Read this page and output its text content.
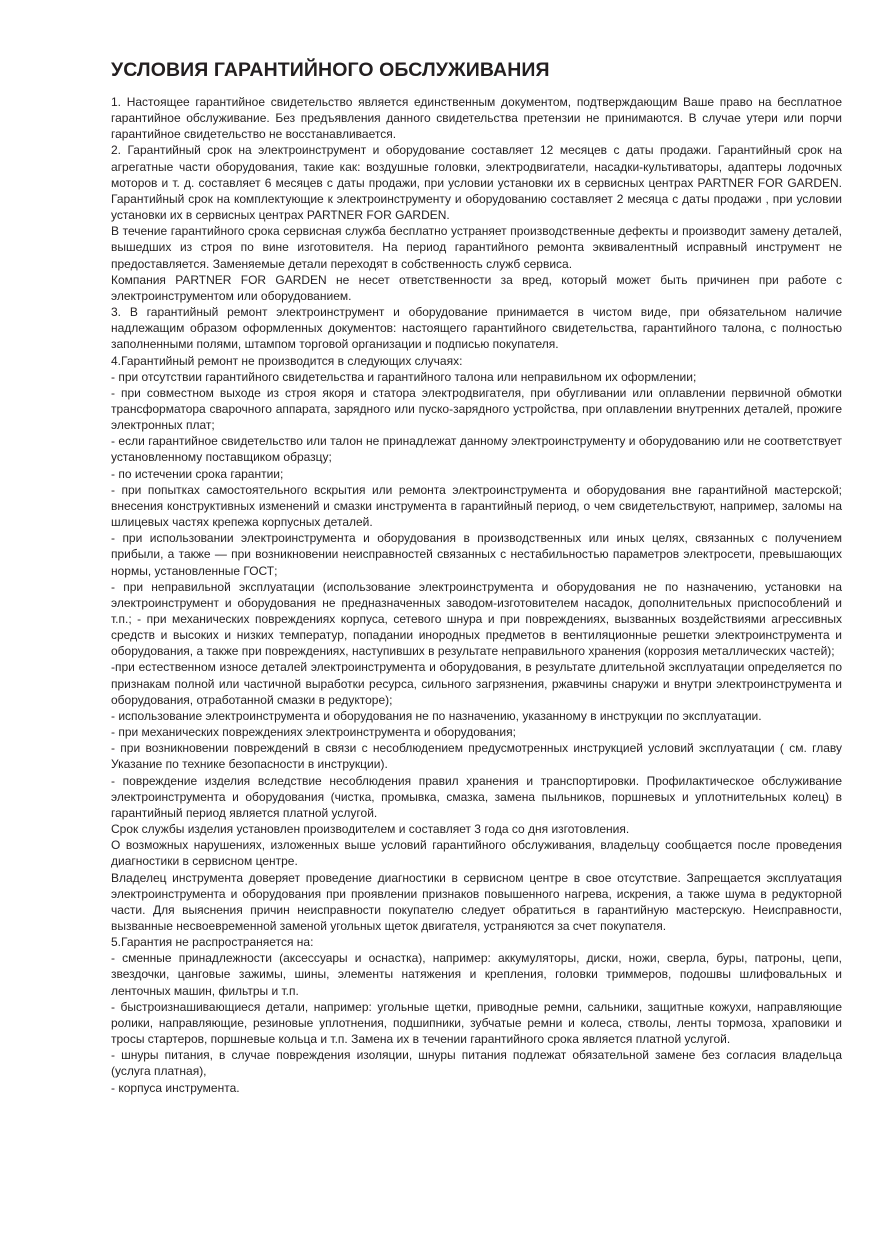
УСЛОВИЯ ГАРАНТИЙНОГО ОБСЛУЖИВАНИЯ

1. Настоящее гарантийное свидетельство является единственным документом, подтверждающим Ваше право на бесплатное гарантийное обслуживание. Без предъявления данного свидетельства претензии не принимаются. В случае утери или порчи гарантийное свидетельство не восстанавливается.

2. Гарантийный срок на электроинструмент и оборудование составляет 12 месяцев с даты продажи. Гарантийный срок на агрегатные части оборудования, такие как: воздушные головки, электродвигатели, насадки-культиваторы, адаптеры лодочных моторов и т. д. составляет 6 месяцев с даты продажи, при условии установки их в сервисных центрах PARTNER FOR GARDEN. Гарантийный срок на комплектующие к электроинструменту и оборудованию составляет 2 месяца с даты продажи , при условии установки их в сервисных центрах PARTNER FOR GARDEN.

В течение гарантийного срока сервисная служба бесплатно устраняет производственные дефекты и производит замену деталей, вышедших из строя по вине изготовителя. На период гарантийного ремонта эквивалентный исправный инструмент не предоставляется. Заменяемые детали переходят в собственность служб сервиса.

Компания PARTNER FOR GARDEN не несет ответственности за вред, который может быть причинен при работе с электроинструментом или оборудованием.

3. В гарантийный ремонт электроинструмент и оборудование принимается в чистом виде, при обязательном наличие надлежащим образом оформленных документов: настоящего гарантийного свидетельства, гарантийного талона, с полностью заполненными полями, штампом торговой организации и подписью покупателя.

4.Гарантийный ремонт не производится в следующих случаях:

- при отсутствии гарантийного свидетельства и гарантийного талона или неправильном их оформлении;

- при совместном выходе из строя якоря и статора электродвигателя, при обугливании или оплавлении первичной обмотки трансформатора сварочного аппарата, зарядного или пуско-зарядного устройства, при оплавлении внутренних деталей, прожиге электронных плат;

- если гарантийное свидетельство или талон не принадлежат данному электроинструменту и оборудованию или не соответствует установленному поставщиком образцу;

- по истечении срока гарантии;

- при попытках самостоятельного вскрытия или ремонта электроинструмента и оборудования вне гарантийной мастерской; внесения конструктивных изменений и смазки инструмента в гарантийный период, о чем свидетельствуют, например, заломы на шлицевых частях крепежа корпусных деталей.

- при использовании электроинструмента и оборудования в производственных или иных целях, связанных с получением прибыли, а также — при возникновении неисправностей связанных с нестабильностью параметров электросети, превышающих нормы, установленные ГОСТ;

- при неправильной эксплуатации (использование электроинструмента и оборудования не по назначению, установки на электроинструмент и оборудования не предназначенных заводом-изготовителем насадок, дополнительных приспособлений и т.п.; - при механических повреждениях корпуса, сетевого шнура и при повреждениях, вызванных воздействиями агрессивных средств и высоких и низких температур, попадании инородных предметов в вентиляционные решетки электроинструмента и оборудования, а также при повреждениях, наступивших в результате неправильного хранения (коррозия металлических частей);

-при естественном износе деталей электроинструмента и оборудования, в результате длительной эксплуатации определяется по признакам полной или частичной выработки ресурса, сильного загрязнения, ржавчины снаружи и внутри электроинструмента и оборудования, отработанной смазки в редукторе);

- использование электроинструмента и оборудования не по назначению, указанному в инструкции по эксплуатации.

- при механических повреждениях электроинструмента и оборудования;

- при возникновении повреждений в связи с несоблюдением предусмотренных инструкцией условий эксплуатации ( см. главу Указание по технике безопасности в инструкции).

- повреждение изделия вследствие несоблюдения правил хранения и транспортировки. Профилактическое обслуживание электроинструмента и оборудования (чистка, промывка, смазка, замена пыльников, поршневых и уплотнительных колец) в гарантийный период является платной услугой.

Срок службы изделия установлен производителем и составляет 3 года со дня изготовления.

О возможных нарушениях, изложенных выше условий гарантийного обслуживания, владельцу сообщается после проведения диагностики в сервисном центре.

Владелец инструмента доверяет проведение диагностики в сервисном центре в свое отсутствие. Запрещается эксплуатация электроинструмента и оборудования при проявлении признаков повышенного нагрева, искрения, а также шума в редукторной части. Для выяснения причин неисправности покупателю следует обратиться в гарантийную мастерскую. Неисправности, вызванные несвоевременной заменой угольных щеток двигателя, устраняются за счет покупателя.

5.Гарантия не распространяется на:

- сменные принадлежности (аксессуары и оснастка), например: аккумуляторы, диски, ножи, сверла, буры, патроны, цепи, звездочки, цанговые зажимы, шины, элементы натяжения и крепления, головки триммеров, подошвы шлифовальных и ленточных машин, фильтры и т.п.

- быстроизнашивающиеся детали, например: угольные щетки, приводные ремни, сальники, защитные кожухи, направляющие ролики, направляющие, резиновые уплотнения, подшипники, зубчатые ремни и колеса, стволы, ленты тормоза, храповики и тросы стартеров, поршневые кольца и т.п. Замена их в течении гарантийного срока является платной услугой.

- шнуры питания, в случае повреждения изоляции, шнуры питания подлежат обязательной замене без согласия владельца (услуга платная),

- корпуса инструмента.
